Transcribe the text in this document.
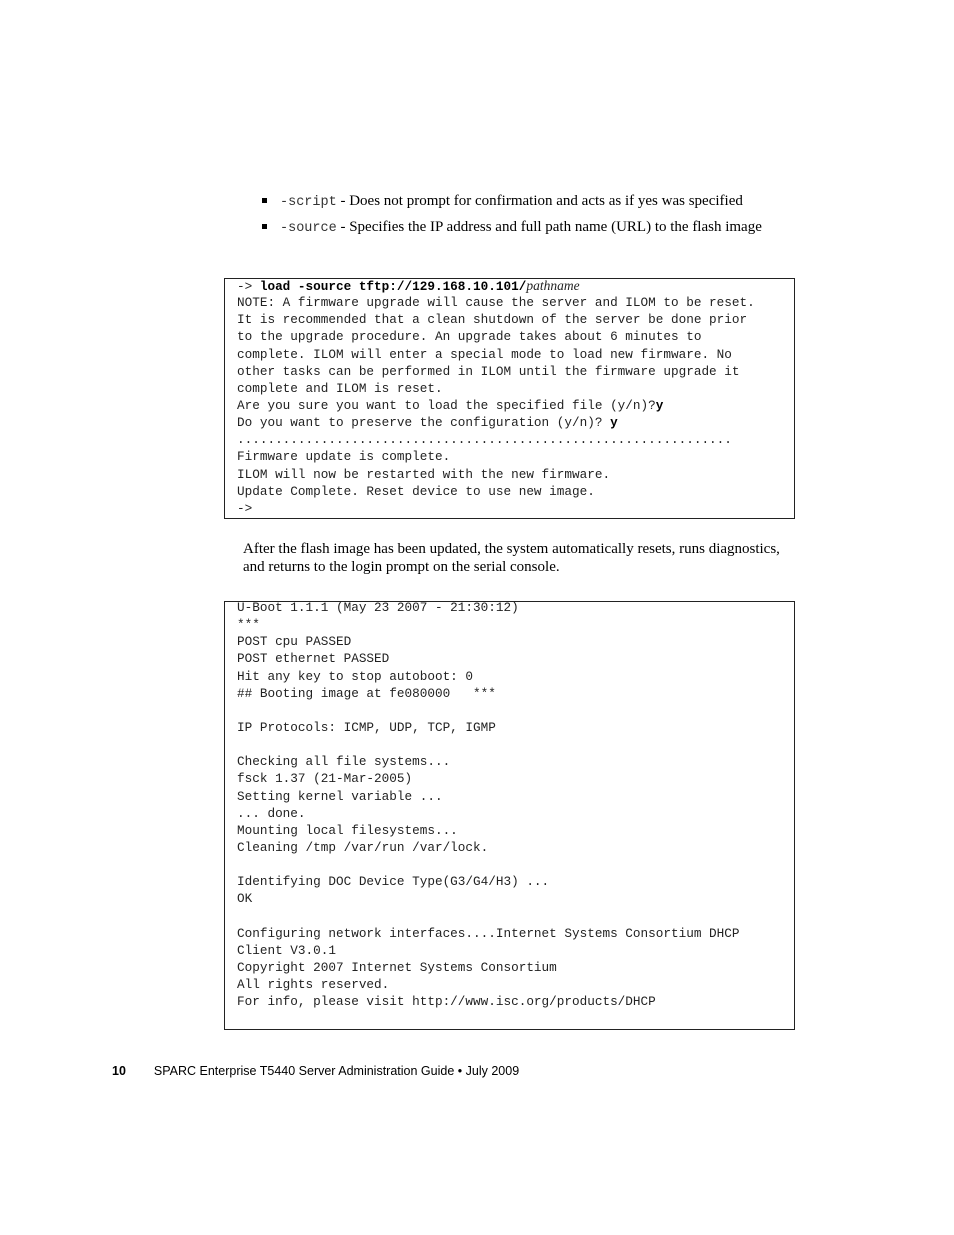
-script - Does not prompt for confirmation and acts as if yes was specified
-source - Specifies the IP address and full path name (URL) to the flash image
-> load -source tftp://129.168.10.101/pathname
NOTE: A firmware upgrade will cause the server and ILOM to be reset.
It is recommended that a clean shutdown of the server be done prior
to the upgrade procedure. An upgrade takes about 6 minutes to
complete. ILOM will enter a special mode to load new firmware. No
other tasks can be performed in ILOM until the firmware upgrade it
complete and ILOM is reset.
Are you sure you want to load the specified file (y/n)?y
Do you want to preserve the configuration (y/n)? y
.................................................................
Firmware update is complete.
ILOM will now be restarted with the new firmware.
Update Complete. Reset device to use new image.
->

After the flash image has been updated, the system automatically resets, runs diagnostics, and returns to the login prompt on the serial console.

U-Boot 1.1.1 (May 23 2007 - 21:30:12)
***
POST cpu PASSED
POST ethernet PASSED
Hit any key to stop autoboot: 0
## Booting image at fe080000   ***
IP Protocols: ICMP, UDP, TCP, IGMP
Checking all file systems...
fsck 1.37 (21-Mar-2005)
Setting kernel variable ...
... done.
Mounting local filesystems...
Cleaning /tmp /var/run /var/lock.
Identifying DOC Device Type(G3/G4/H3) ...
OK
Configuring network interfaces....Internet Systems Consortium DHCP
Client V3.0.1
Copyright 2007 Internet Systems Consortium
All rights reserved.
For info, please visit http://www.isc.org/products/DHCP
10 SPARC Enterprise T5440 Server Administration Guide • July 2009
